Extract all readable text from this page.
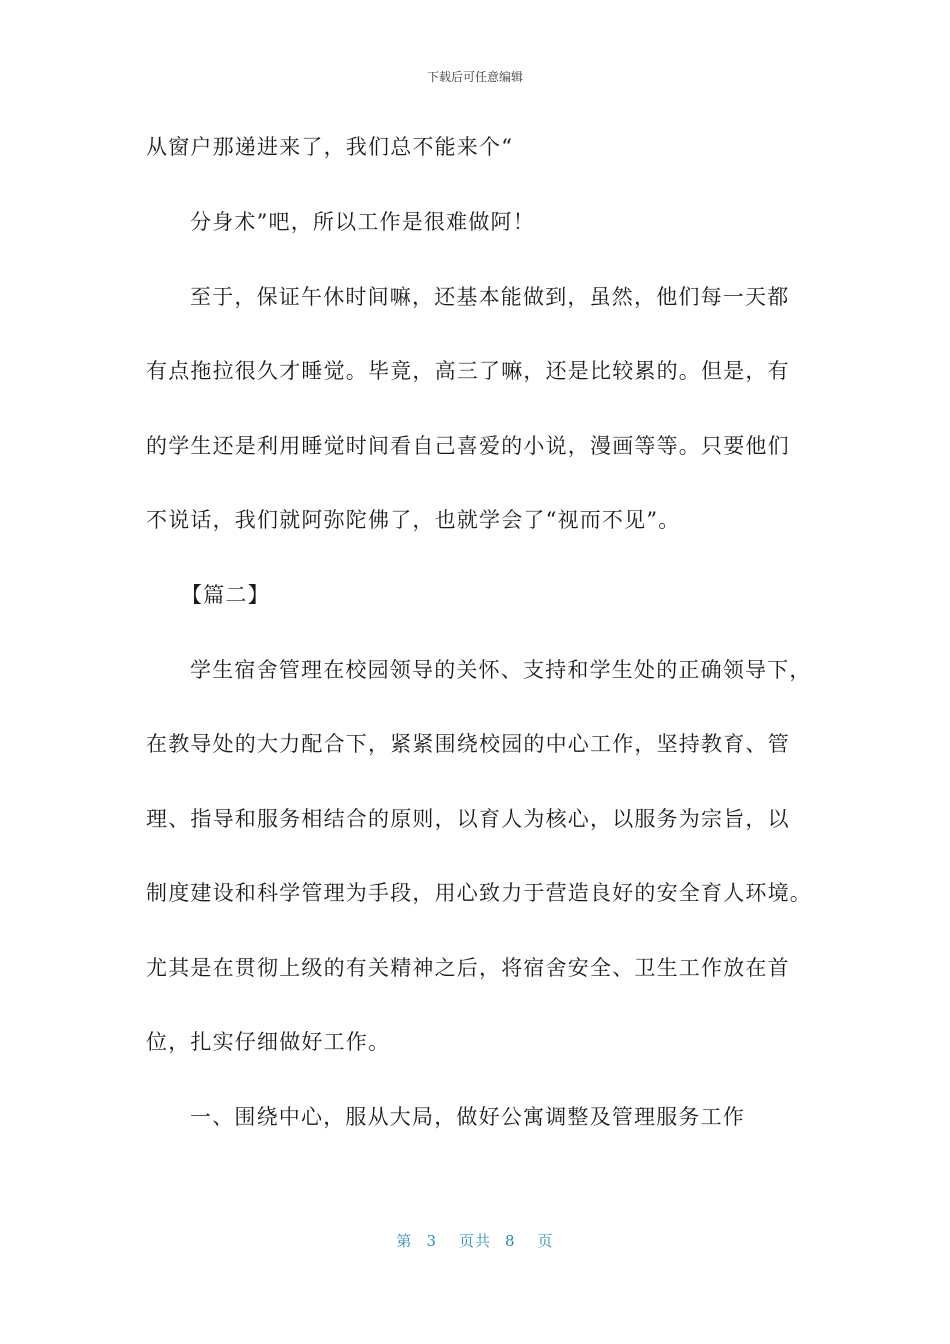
下载后可任意编辑
从窗户那递进来了，我们总不能来个“
分身术”吧，所以工作是很难做阿！
至于，保证午休时间嘛，还基本能做到，虽然，他们每一天都
有点拖拉很久才睡觉。毕竟，高三了嘛，还是比较累的。但是，有
的学生还是利用睡觉时间看自己喜爱的小说，漫画等等。只要他们
不说话，我们就阿弥陀佛了，也就学会了“视而不见”。
【篇二】
学生宿舍管理在校园领导的关怀、支持和学生处的正确领导下，
在教导处的大力配合下，紧紧围绕校园的中心工作，坚持教育、管
理、指导和服务相结合的原则，以育人为核心，以服务为宗旨，以
制度建设和科学管理为手段，用心致力于营造良好的安全育人环境。
尤其是在贯彻上级的有关精神之后，将宿舍安全、卫生工作放在首
位，扎实仔细做好工作。
一、围绕中心，服从大局，做好公寓调整及管理服务工作
第 3 页共 8 页
